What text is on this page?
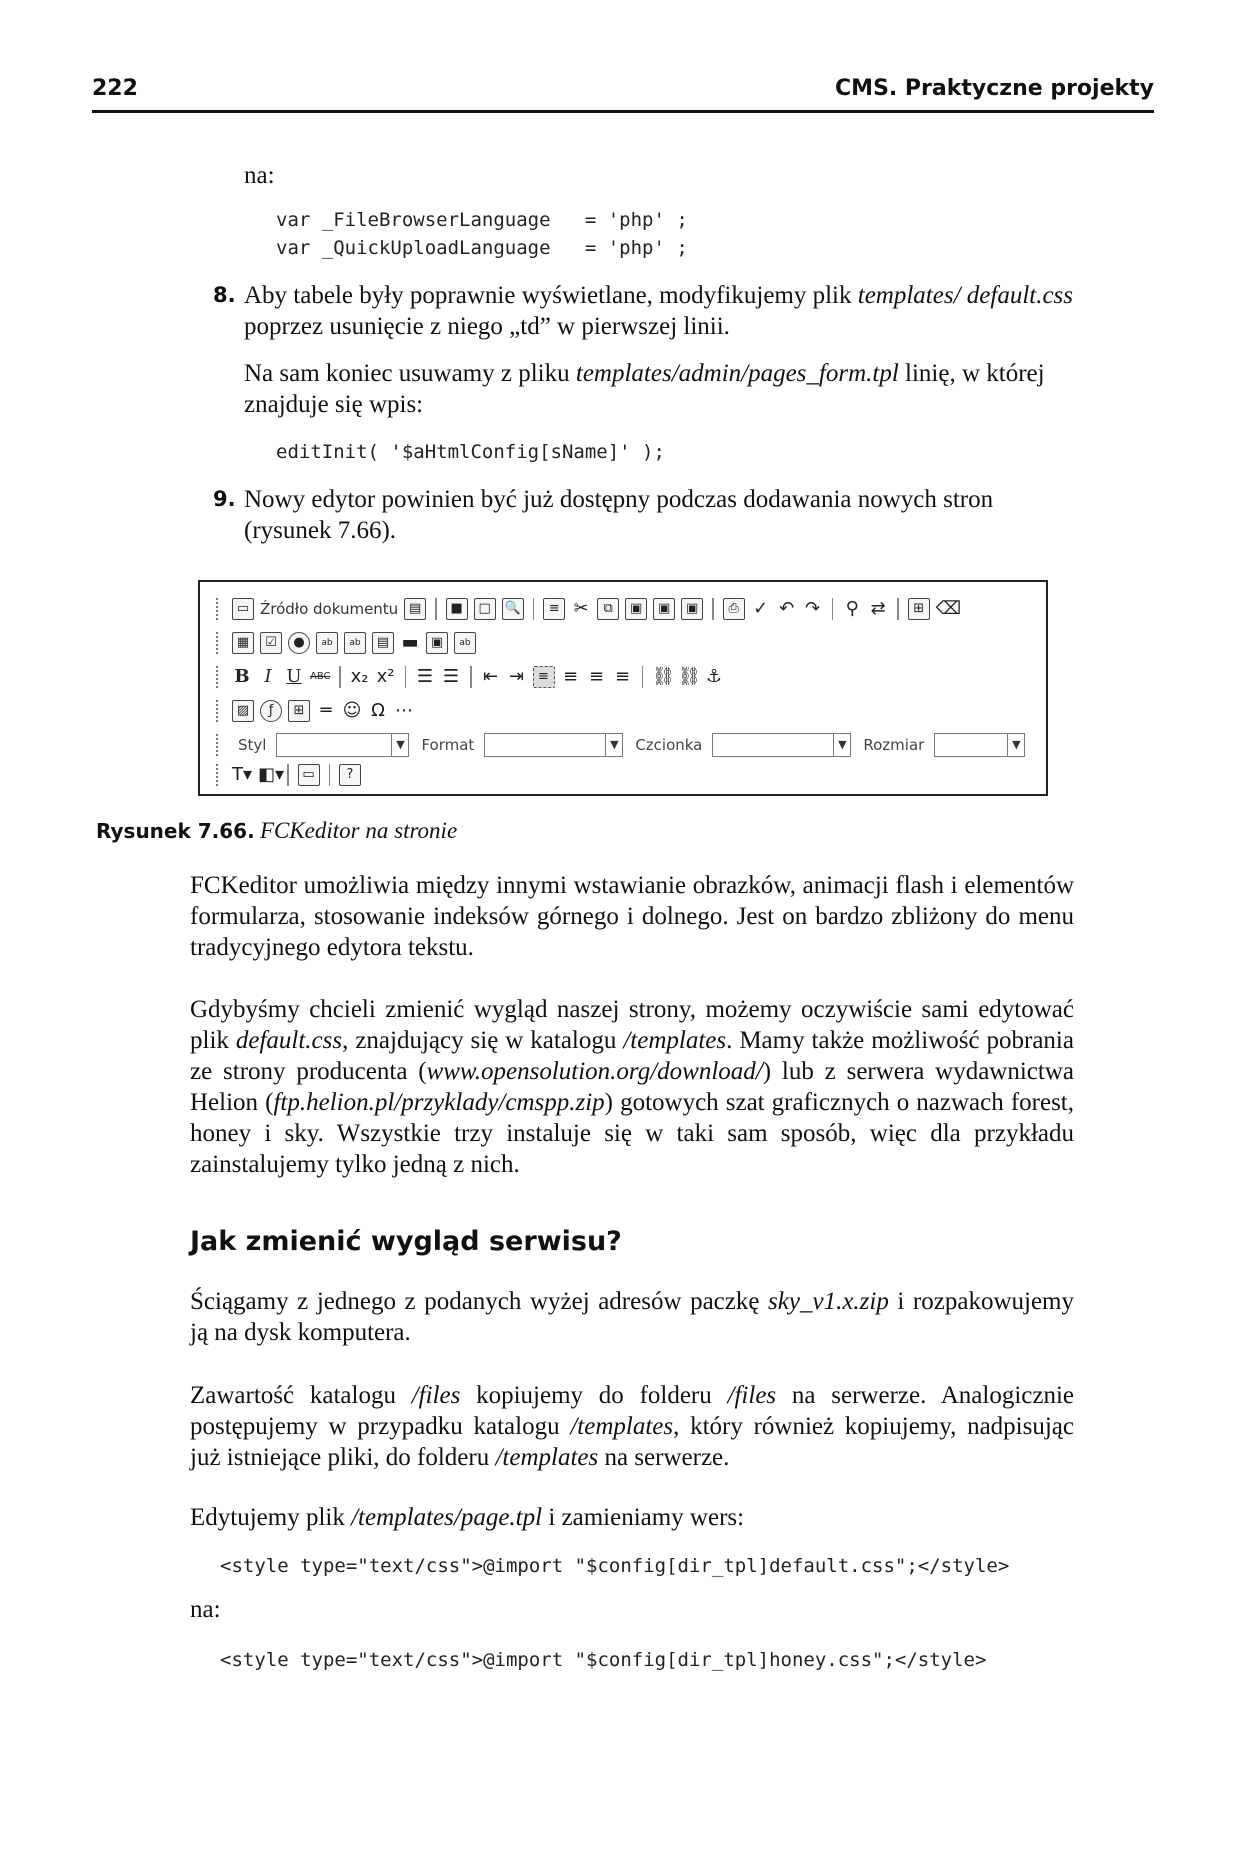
222	CMS. Praktyczne projekty

na:

var _FileBrowserLanguage   = 'php' ;
var _QuickUploadLanguage   = 'php' ;
8. Aby tabele były poprawnie wyświetlane, modyfikujemy plik templates/ default.css poprzez usunięcie z niego „td” w pierwszej linii.

Na sam koniec usuwamy z pliku templates/admin/pages_form.tpl linię, w której znajduje się wpis:

editInit( '$aHtmlConfig[sName]' );
9. Nowy edytor powinien być już dostępny podczas dodawania nowych stron (rysunek 7.66).

▭ Źródło dokumentu ▤	■	□	🔍	≡ ✂	⧉	▣	▣	▣	⎙ ✓ ↶ ↷ ⚲ ⇄	⊞ ⌫
▦	☑	●	ab	ab	▤ ▬ ▣	ab
B I U ABC x₂ x² ☰ ☰ ⇤ ⇥	≡ ≡ ≡ ≡ ⛓ ⛓ ⚓
▨	ƒ	⊞ ═ ☺ Ω ⋯
Styl	▼ Format	▼ Czcionka	▼ Rozmiar	▼
T▾ ◧▾	▭	?
Rysunek 7.66. FCKeditor na stronie

FCKeditor umożliwia między innymi wstawianie obrazków, animacji flash i elementów formularza, stosowanie indeksów górnego i dolnego. Jest on bardzo zbliżony do menu tradycyjnego edytora tekstu.

Gdybyśmy chcieli zmienić wygląd naszej strony, możemy oczywiście sami edytować plik default.css, znajdujący się w katalogu /templates. Mamy także możliwość pobrania ze strony producenta (www.opensolution.org/download/) lub z serwera wydawnictwa Helion (ftp.helion.pl/przyklady/cmspp.zip) gotowych szat graficznych o nazwach forest, honey i sky. Wszystkie trzy instaluje się w taki sam sposób, więc dla przykładu zainstalujemy tylko jedną z nich.

Jak zmienić wygląd serwisu?

Ściągamy z jednego z podanych wyżej adresów paczkę sky_v1.x.zip i rozpakowujemy ją na dysk komputera.

Zawartość katalogu /files kopiujemy do folderu /files na serwerze. Analogicznie postępujemy w przypadku katalogu /templates, który również kopiujemy, nadpisując już istniejące pliki, do folderu /templates na serwerze.

Edytujemy plik /templates/page.tpl i zamieniamy wers:

<style type="text/css">@import "$config[dir_tpl]default.css";</style>

na:

<style type="text/css">@import "$config[dir_tpl]honey.css";</style>
